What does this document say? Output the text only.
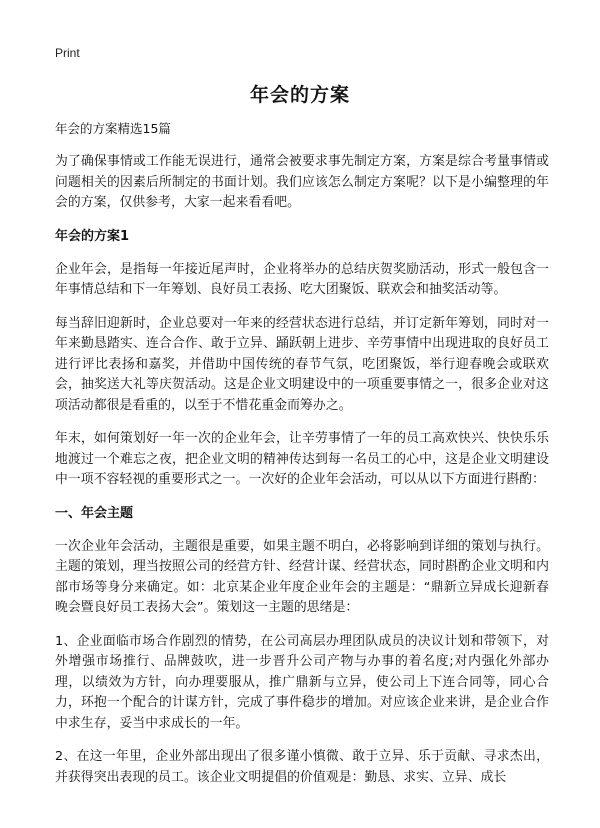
Print
年会的方案
年会的方案精选15篇

为了确保事情或工作能无误进行，通常会被要求事先制定方案，方案是综合考量事情或问题相关的因素后所制定的书面计划。我们应该怎么制定方案呢？以下是小编整理的年会的方案，仅供参考，大家一起来看看吧。

年会的方案1

企业年会，是指每一年接近尾声时，企业将举办的总结庆贺奖励活动，形式一般包含一年事情总结和下一年筹划、良好员工表扬、吃大团聚饭、联欢会和抽奖活动等。

每当辞旧迎新时，企业总要对一年来的经营状态进行总结，并订定新年筹划，同时对一年来勤恳踏实、连合合作、敢于立异、踊跃朝上进步、辛劳事情中出现进取的良好员工进行评比表扬和嘉奖，并借助中国传统的春节气氛，吃团聚饭，举行迎春晚会或联欢会，抽奖送大礼等庆贺活动。这是企业文明建设中的一项重要事情之一，很多企业对这项活动都很是看重的，以至于不惜花重金而筹办之。

年末，如何策划好一年一次的企业年会，让辛劳事情了一年的员工高欢快兴、快快乐乐地渡过一个难忘之夜，把企业文明的精神传达到每一名员工的心中，这是企业文明建设中一项不容轻视的重要形式之一。一次好的企业年会活动，可以从以下方面进行斟酌：

一、年会主题

一次企业年会活动，主题很是重要，如果主题不明白，必将影响到详细的策划与执行。主题的策划，理当按照公司的经营方针、经营计谋、经营状态，同时斟酌企业文明和内部市场等身分来确定。如：北京某企业年度企业年会的主题是：“鼎新立异成长迎新春晚会暨良好员工表扬大会”。策划这一主题的思绪是：

1、企业面临市场合作剧烈的情势，在公司高层办理团队成员的决议计划和带领下，对外增强市场推行、品牌鼓吹，进一步晋升公司产物与办事的着名度;对内强化外部办理，以绩效为方针，向办理要服从，推广鼎新与立异，使公司上下连合同等，同心合力，环抱一个配合的计谋方针，完成了事件稳步的增加。对应该企业来讲，是企业合作中求生存，妥当中求成长的一年。

2、在这一年里，企业外部出现出了很多谨小慎微、敢于立异、乐于贡献、寻求杰出，并获得突出表现的员工。该企业文明提倡的价值观是：勤恳、求实、立异、成长
